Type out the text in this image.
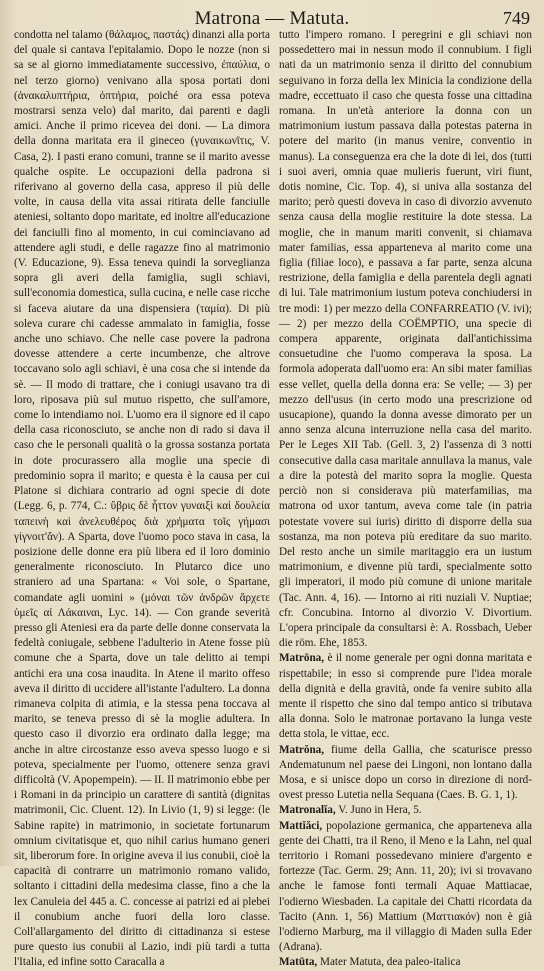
Matrona — Matuta.	749

condotta nel talamo (θάλαμος, παστάς) dinanzi alla porta del quale si cantava l'epitalamio. Dopo le nozze (non si sa se al giorno immediatamente successivo, ἐπαύλια, o nel terzo giorno) venivano alla sposa portati doni (ἀνακαλυπτήρια, ὀπτήρια, poiché ora essa poteva mostrarsi senza velo) dal marito, dai parenti e dagli amici. Anche il primo ricevea dei doni. — La dimora della donna maritata era il gineceo (γυναικωνῖτις, V. Casa, 2). I pasti erano comuni, tranne se il marito avesse qualche ospite. Le occupazioni della padrona si riferivano al governo della casa, appreso il più delle volte, in causa della vita assai ritirata delle fanciulle ateniesi, soltanto dopo maritate, ed inoltre all'educazione dei fanciulli fino al momento, in cui cominciavano ad attendere agli studi, e delle ragazze fino al matrimonio (V. Educazione, 9). Essa teneva quindi la sorveglianza sopra gli averi della famiglia, sugli schiavi, sull'economia domestica, sulla cucina, e nelle case ricche si faceva aiutare da una dispensiera (ταμία). Di più soleva curare chi cadesse ammalato in famiglia, fosse anche uno schiavo. Che nelle case povere la padrona dovesse attendere a certe incumbenze, che altrove toccavano solo agli schiavi, è una cosa che si intende da sè. — Il modo di trattare, che i coniugi usavano tra di loro, riposava più sul mutuo rispetto, che sull'amore, come lo intendiamo noi. L'uomo era il signore ed il capo della casa riconosciuto, se anche non di rado si dava il caso che le personali qualità o la grossa sostanza portata in dote procurassero alla moglie una specie di predominio sopra il marito; e questa è la causa per cui Platone si dichiara contrario ad ogni specie di dote (Legg. 6, p. 774, C.: ὕβρις δὲ ἧττον γυναιξὶ καὶ δουλεία ταπεινὴ καὶ ἀνελευθέρος διὰ χρήματα τοῖς γήμασι γίγνοιτ'ἄν). A Sparta, dove l'uomo poco stava in casa, la posizione delle donne era più libera ed il loro dominio generalmente riconosciuto. In Plutarco dice uno straniero ad una Spartana: « Voi sole, o Spartane, comandate agli uomini » (μόναι τῶν ἀνδρῶν ἄρχετε ὑμεῖς αἱ Λάκαιναι, Lyc. 14). — Con grande severità presso gli Ateniesi era da parte delle donne conservata la fedeltà coniugale, sebbene l'adulterio in Atene fosse più comune che a Sparta, dove un tale delitto ai tempi antichi era una cosa inaudita. In Atene il marito offeso aveva il diritto di uccidere all'istante l'adultero. La donna rimaneva colpita di atimia, e la stessa pena toccava al marito, se teneva presso di sè la moglie adultera. In questo caso il divorzio era ordinato dalla legge; ma anche in altre circostanze esso aveva spesso luogo e si poteva, specialmente per l'uomo, ottenere senza gravi difficoltà (V. Apopempein). — II. Il matrimonio ebbe per i Romani in da principio un carattere di santità (dignitas matrimonii, Cic. Cluent. 12). In Livio (1, 9) si legge: (le Sabine rapite) in matrimonio, in societate fortunarum omnium civitatisque et, quo nihil carius humano generi sit, liberorum fore. In origine aveva il ius conubii, cioè la capacità di contrarre un matrimonio romano valido, soltanto i cittadini della medesima classe, fino a che la lex Canuleia del 445 a. C. concesse ai patrizi ed ai plebei il conubium anche fuori della loro classe. Coll'allargamento del diritto di cittadinanza si estese pure questo ius conubii al Lazio, indi più tardi a tutta l'Italia, ed infine sotto Caracalla a

tutto l'impero romano. I peregrini e gli schiavi non possedettero mai in nessun modo il connubium. I figli nati da un matrimonio senza il diritto del connubium seguivano in forza della lex Minicia la condizione della madre, eccettuato il caso che questa fosse una cittadina romana. In un'età anteriore la donna con un matrimonium iustum passava dalla potestas paterna in potere del marito (in manus venire, conventio in manus). La conseguenza era che la dote di lei, dos (tutti i suoi averi, omnia quae mulieris fuerunt, viri fiunt, dotis nomine, Cic. Top. 4), si univa alla sostanza del marito; però questi doveva in caso di divorzio avvenuto senza causa della moglie restituire la dote stessa. La moglie, che in manum mariti convenit, si chiamava mater familias, essa apparteneva al marito come una figlia (filiae loco), e passava a far parte, senza alcuna restrizione, della famiglia e della parentela degli agnati di lui. Tale matrimonium iustum poteva conchiudersi in tre modi: 1) per mezzo della CONFARREATIO (V. ivi); — 2) per mezzo della COËMPTIO, una specie di compera apparente, originata dall'antichissima consuetudine che l'uomo comperava la sposa. La formola adoperata dall'uomo era: An sibi mater familias esse vellet, quella della donna era: Se velle; — 3) per mezzo dell'usus (in certo modo una prescrizione od usucapione), quando la donna avesse dimorato per un anno senza alcuna interruzione nella casa del marito. Per le Leges XII Tab. (Gell. 3, 2) l'assenza di 3 notti consecutive dalla casa maritale annullava la manus, vale a dire la potestà del marito sopra la moglie. Questa perciò non si considerava più materfamilias, ma matrona od uxor tantum, aveva come tale (in patria potestate vovere sui iuris) diritto di disporre della sua sostanza, ma non poteva più ereditare da suo marito. Del resto anche un simile maritaggio era un iustum matrimonium, e divenne più tardi, specialmente sotto gli imperatori, il modo più comune di unione maritale (Tac. Ann. 4, 16). — Intorno ai riti nuziali V. Nuptiae; cfr. Concubina. Intorno al divorzio V. Divortium. L'opera principale da consultarsi è: A. Rossbach, Ueber die röm. Ehe, 1853.

Matrōna, è il nome generale per ogni donna maritata e rispettabile; in esso si comprende pure l'idea morale della dignità e della gravità, onde fa venire subito alla mente il rispetto che sino dal tempo antico si tributava alla donna. Solo le matronae portavano la lunga veste detta stola, le vittae, ecc.

Matrŏna, fiume della Gallia, che scaturisce presso Andematunum nel paese dei Lingoni, non lontano dalla Mosa, e si unisce dopo un corso in direzione di nord-ovest presso Lutetia nella Sequana (Caes. B. G. 1, 1).

Matronalĭa, V. Juno in Hera, 5.

Mattĭăci, popolazione germanica, che apparteneva alla gente dei Chatti, tra il Reno, il Meno e la Lahn, nel qual territorio i Romani possedevano miniere d'argento e fortezze (Tac. Germ. 29; Ann. 11, 20); ivi si trovavano anche le famose fonti termali Aquae Mattiacae, l'odierno Wiesbaden. La capitale dei Chatti ricordata da Tacito (Ann. 1, 56) Mattium (Ματτιακόν) non è già l'odierno Marburg, ma il villaggio di Maden sulla Eder (Adrana).

Matūta, Mater Matuta, dea paleo-italica
